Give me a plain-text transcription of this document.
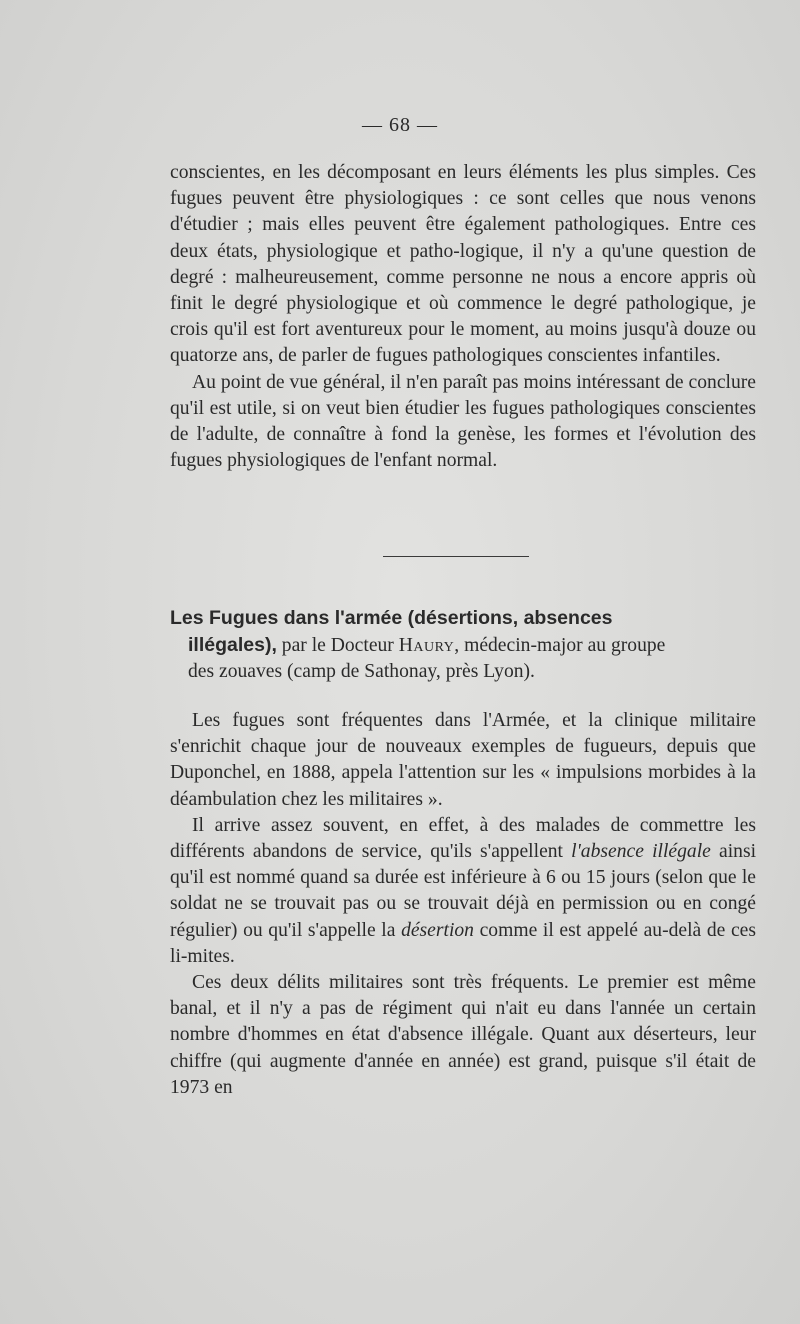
— 68 —

conscientes, en les décomposant en leurs éléments les plus simples. Ces fugues peuvent être physiologiques : ce sont celles que nous venons d'étudier ; mais elles peuvent être également pathologiques. Entre ces deux états, physiologique et patho-logique, il n'y a qu'une question de degré : malheureusement, comme personne ne nous a encore appris où finit le degré physiologique et où commence le degré pathologique, je crois qu'il est fort aventureux pour le moment, au moins jusqu'à douze ou quatorze ans, de parler de fugues pathologiques conscientes infantiles.

Au point de vue général, il n'en paraît pas moins intéressant de conclure qu'il est utile, si on veut bien étudier les fugues pathologiques conscientes de l'adulte, de connaître à fond la genèse, les formes et l'évolution des fugues physiologiques de l'enfant normal.

Les Fugues dans l'armée (désertions, absences
illégales), par le Docteur Haury, médecin-major au groupe
des zouaves (camp de Sathonay, près Lyon).

Les fugues sont fréquentes dans l'Armée, et la clinique militaire s'enrichit chaque jour de nouveaux exemples de fugueurs, depuis que Duponchel, en 1888, appela l'attention sur les « impulsions morbides à la déambulation chez les militaires ».

Il arrive assez souvent, en effet, à des malades de commettre les différents abandons de service, qu'ils s'appellent l'absence illégale ainsi qu'il est nommé quand sa durée est inférieure à 6 ou 15 jours (selon que le soldat ne se trouvait pas ou se trouvait déjà en permission ou en congé régulier) ou qu'il s'appelle la désertion comme il est appelé au-delà de ces li-mites.

Ces deux délits militaires sont très fréquents. Le premier est même banal, et il n'y a pas de régiment qui n'ait eu dans l'année un certain nombre d'hommes en état d'absence illégale. Quant aux déserteurs, leur chiffre (qui augmente d'année en année) est grand, puisque s'il était de 1973 en
